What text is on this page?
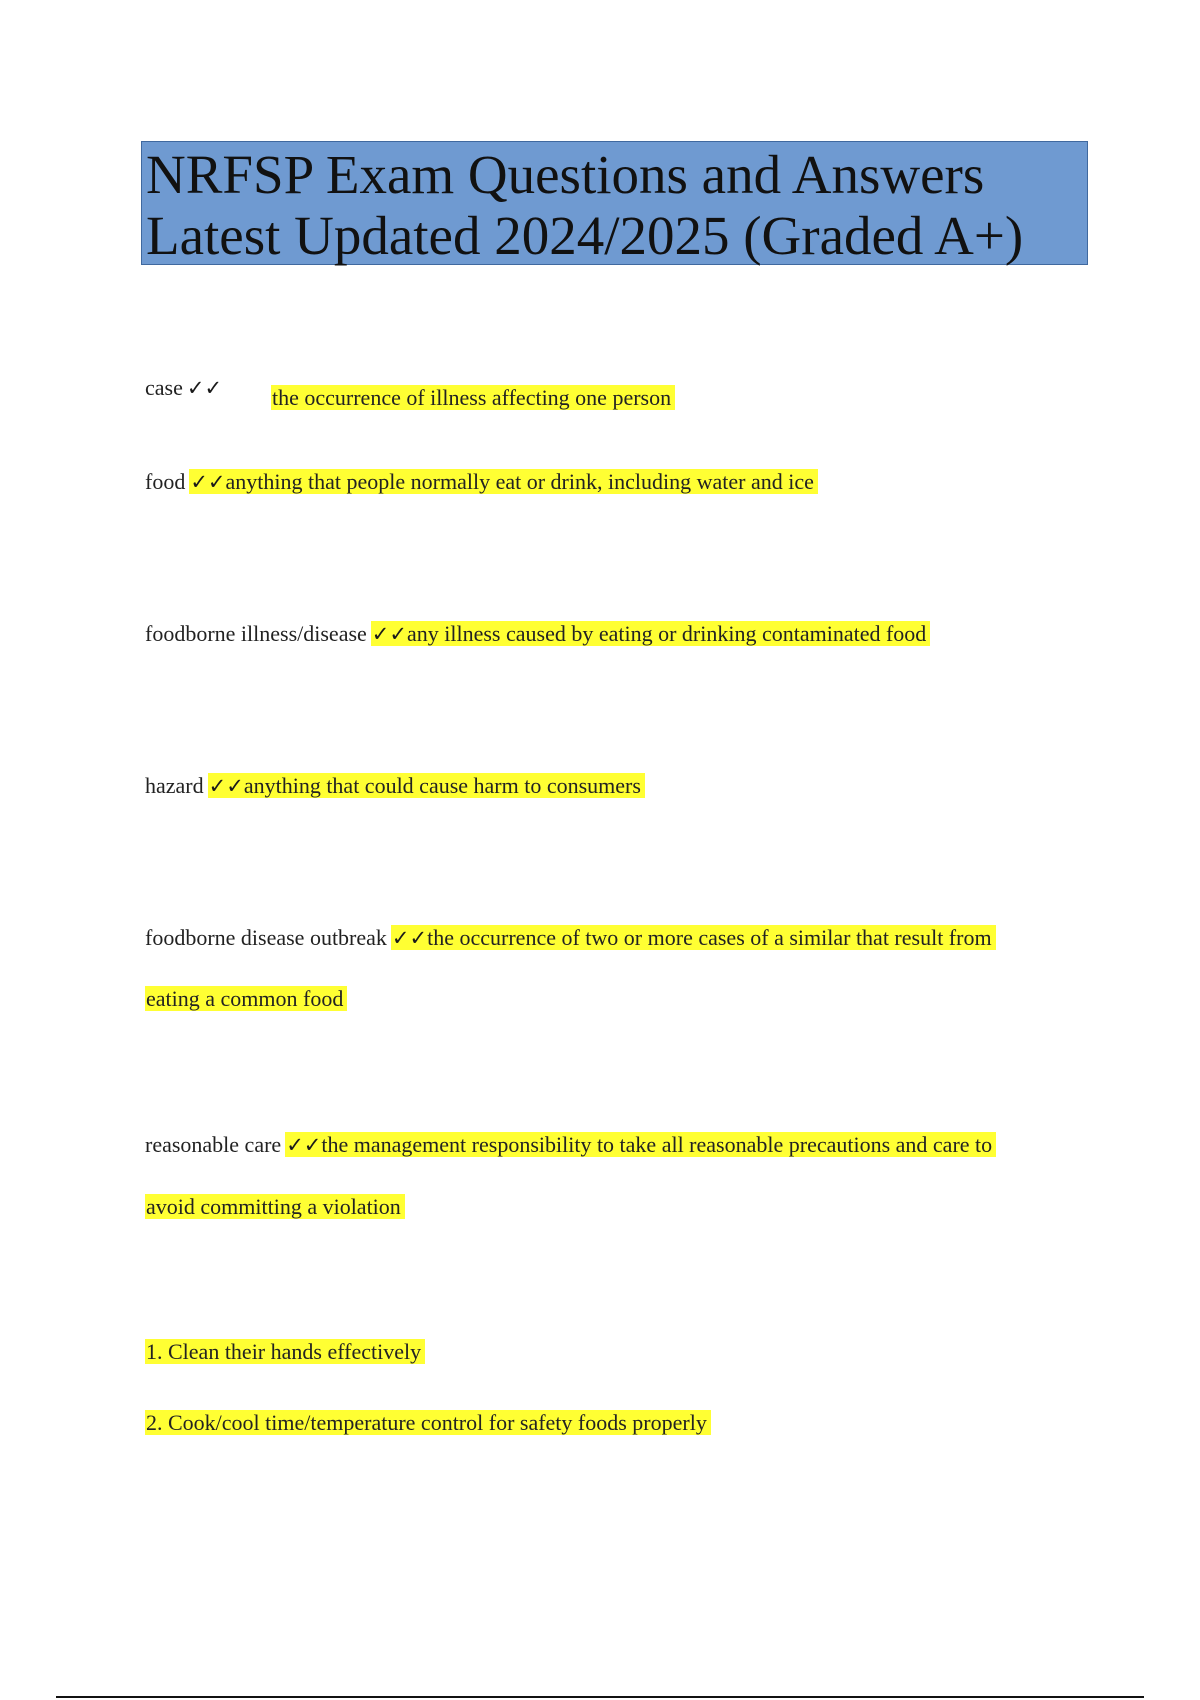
NRFSP Exam Questions and Answers
Latest Updated 2024/2025 (Graded A+)
case ✓✓ the occurrence of illness affecting one person
food ✓✓anything that people normally eat or drink, including water and ice
foodborne illness/disease ✓✓any illness caused by eating or drinking contaminated food
hazard ✓✓anything that could cause harm to consumers
foodborne disease outbreak ✓✓the occurrence of two or more cases of a similar that result from
eating a common food
reasonable care ✓✓the management responsibility to take all reasonable precautions and care to
avoid committing a violation
1. Clean their hands effectively
2. Cook/cool time/temperature control for safety foods properly
